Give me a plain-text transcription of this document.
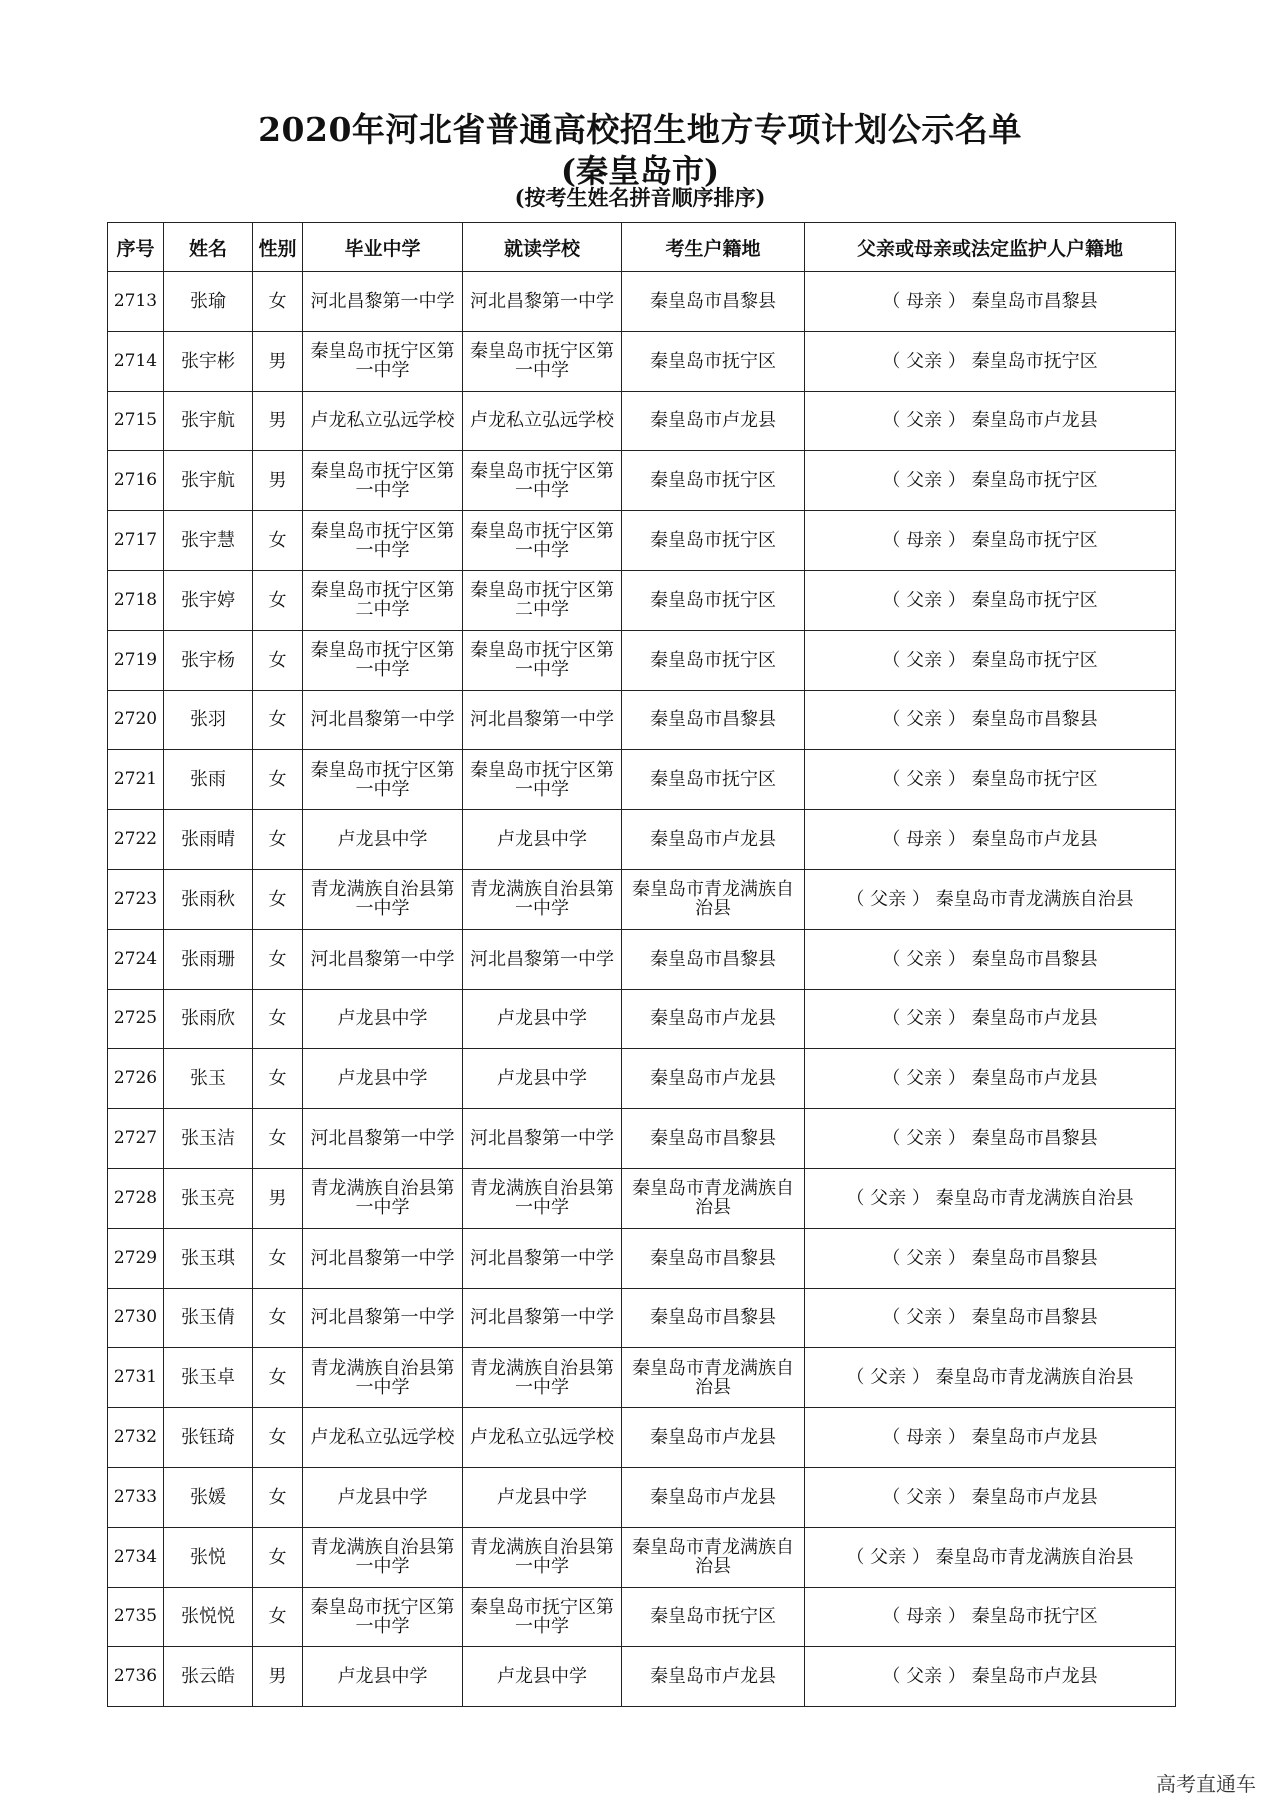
2020年河北省普通高校招生地方专项计划公示名单
(秦皇岛市)
(按考生姓名拼音顺序排序)
序号	姓名	性别	毕业中学	就读学校	考生户籍地	父亲或母亲或法定监护人户籍地
2713	张瑜	女	河北昌黎第一中学	河北昌黎第一中学	秦皇岛市昌黎县	（ 母亲 ） 秦皇岛市昌黎县
2714	张宇彬	男	秦皇岛市抚宁区第一中学	秦皇岛市抚宁区第一中学	秦皇岛市抚宁区	（ 父亲 ） 秦皇岛市抚宁区
2715	张宇航	男	卢龙私立弘远学校	卢龙私立弘远学校	秦皇岛市卢龙县	（ 父亲 ） 秦皇岛市卢龙县
2716	张宇航	男	秦皇岛市抚宁区第一中学	秦皇岛市抚宁区第一中学	秦皇岛市抚宁区	（ 父亲 ） 秦皇岛市抚宁区
2717	张宇慧	女	秦皇岛市抚宁区第一中学	秦皇岛市抚宁区第一中学	秦皇岛市抚宁区	（ 母亲 ） 秦皇岛市抚宁区
2718	张宇婷	女	秦皇岛市抚宁区第二中学	秦皇岛市抚宁区第二中学	秦皇岛市抚宁区	（ 父亲 ） 秦皇岛市抚宁区
2719	张宇杨	女	秦皇岛市抚宁区第一中学	秦皇岛市抚宁区第一中学	秦皇岛市抚宁区	（ 父亲 ） 秦皇岛市抚宁区
2720	张羽	女	河北昌黎第一中学	河北昌黎第一中学	秦皇岛市昌黎县	（ 父亲 ） 秦皇岛市昌黎县
2721	张雨	女	秦皇岛市抚宁区第一中学	秦皇岛市抚宁区第一中学	秦皇岛市抚宁区	（ 父亲 ） 秦皇岛市抚宁区
2722	张雨晴	女	卢龙县中学	卢龙县中学	秦皇岛市卢龙县	（ 母亲 ） 秦皇岛市卢龙县
2723	张雨秋	女	青龙满族自治县第一中学	青龙满族自治县第一中学	秦皇岛市青龙满族自治县	（ 父亲 ） 秦皇岛市青龙满族自治县
2724	张雨珊	女	河北昌黎第一中学	河北昌黎第一中学	秦皇岛市昌黎县	（ 父亲 ） 秦皇岛市昌黎县
2725	张雨欣	女	卢龙县中学	卢龙县中学	秦皇岛市卢龙县	（ 父亲 ） 秦皇岛市卢龙县
2726	张玉	女	卢龙县中学	卢龙县中学	秦皇岛市卢龙县	（ 父亲 ） 秦皇岛市卢龙县
2727	张玉洁	女	河北昌黎第一中学	河北昌黎第一中学	秦皇岛市昌黎县	（ 父亲 ） 秦皇岛市昌黎县
2728	张玉亮	男	青龙满族自治县第一中学	青龙满族自治县第一中学	秦皇岛市青龙满族自治县	（ 父亲 ） 秦皇岛市青龙满族自治县
2729	张玉琪	女	河北昌黎第一中学	河北昌黎第一中学	秦皇岛市昌黎县	（ 父亲 ） 秦皇岛市昌黎县
2730	张玉倩	女	河北昌黎第一中学	河北昌黎第一中学	秦皇岛市昌黎县	（ 父亲 ） 秦皇岛市昌黎县
2731	张玉卓	女	青龙满族自治县第一中学	青龙满族自治县第一中学	秦皇岛市青龙满族自治县	（ 父亲 ） 秦皇岛市青龙满族自治县
2732	张钰琦	女	卢龙私立弘远学校	卢龙私立弘远学校	秦皇岛市卢龙县	（ 母亲 ） 秦皇岛市卢龙县
2733	张媛	女	卢龙县中学	卢龙县中学	秦皇岛市卢龙县	（ 父亲 ） 秦皇岛市卢龙县
2734	张悦	女	青龙满族自治县第一中学	青龙满族自治县第一中学	秦皇岛市青龙满族自治县	（ 父亲 ） 秦皇岛市青龙满族自治县
2735	张悦悦	女	秦皇岛市抚宁区第一中学	秦皇岛市抚宁区第一中学	秦皇岛市抚宁区	（ 母亲 ） 秦皇岛市抚宁区
2736	张云皓	男	卢龙县中学	卢龙县中学	秦皇岛市卢龙县	（ 父亲 ） 秦皇岛市卢龙县
高考直通车
